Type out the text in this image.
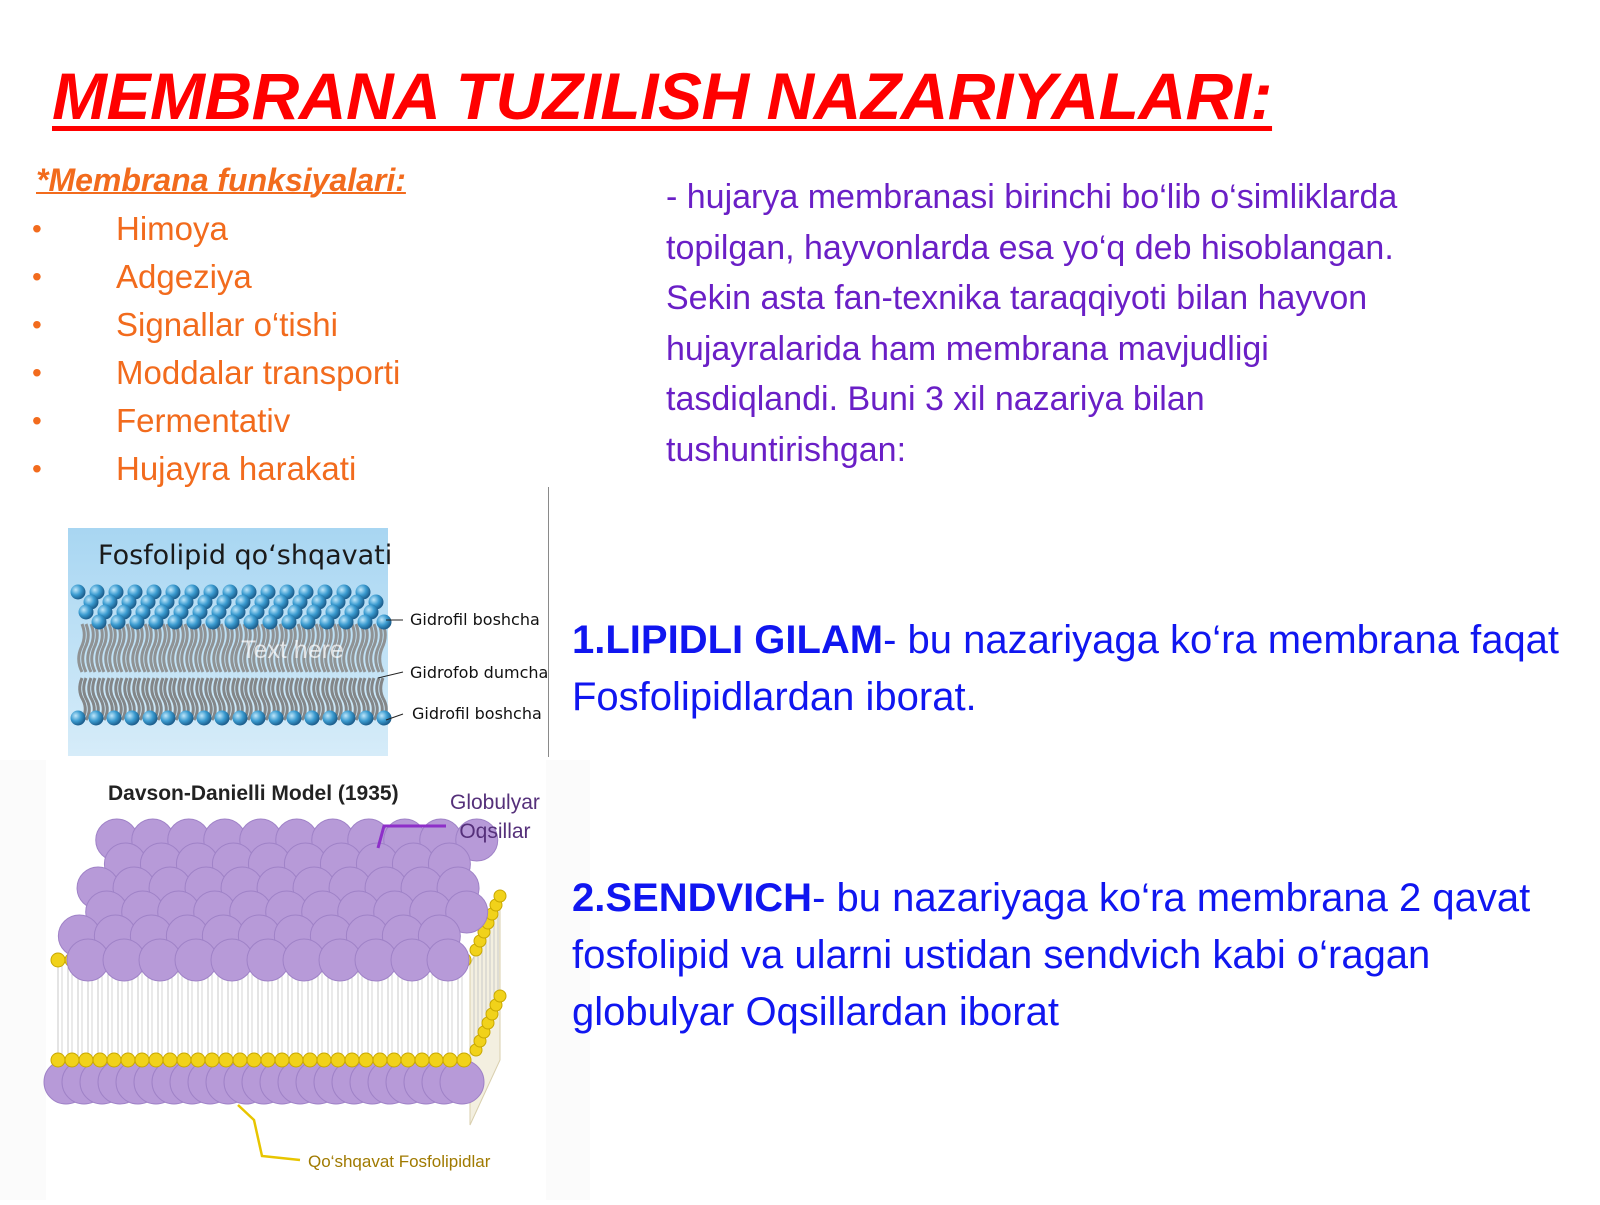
MEMBRANA TUZILISH NAZARIYALARI:
*Membrana funksiyalari:
• Himoya
• Adgeziya
• Signallar o‘tishi
• Moddalar transporti
• Fermentativ
• Hujayra harakati

- hujarya membranasi birinchi bo‘lib o‘simliklarda topilgan, hayvonlarda esa yo‘q deb hisoblangan. Sekin asta fan-texnika taraqqiyoti bilan hayvon hujayralarida ham membrana mavjudligi tasdiqlandi. Buni 3 xil nazariya bilan tushuntirishgan:

Fosfolipid qo‘shqavati
Text here
Gidrofil boshcha
Gidrofob dumcha
Gidrofil boshcha
Davson-Danielli Model (1935) Globulyar
Oqsillar
Qo‘shqavat Fosfolipidlar

1.LIPIDLI GILAM- bu nazariyaga ko‘ra membrana faqat Fosfolipidlardan iborat.

2.SENDVICH- bu nazariyaga ko‘ra membrana 2 qavat fosfolipid va ularni ustidan sendvich kabi o‘ragan globulyar Oqsillardan iborat
